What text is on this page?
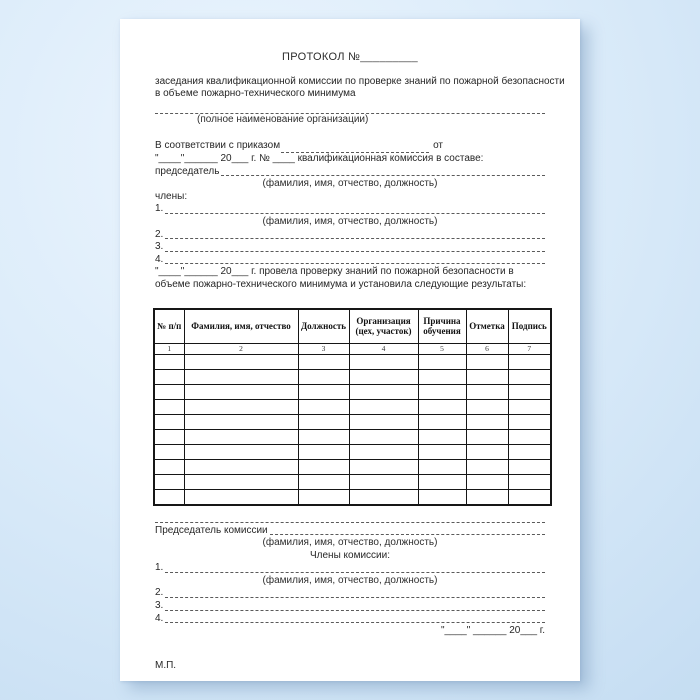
ПРОТОКОЛ №_________
заседания квалификационной комиссии по проверке знаний по пожарной безопасности
в объеме пожарно-технического минимума
(полное наименование организации)
В соответствии с приказом	от
"____"______ 20___ г. № ____ квалификационная комиссия в составе:
председатель
(фамилия, имя, отчество, должность)
члены:
1.
(фамилия, имя, отчество, должность)
2.
3.
4.
"____"______ 20___ г. провела проверку знаний по пожарной безопасности в
объеме пожарно-технического минимума и установила следующие результаты:
№ п/п	Фамилия, имя, отчество	Должность	Организация (цех, участок)	Причина обучения	Отметка	Подпись
1	2	3	4	5	6	7

Председатель комиссии
(фамилия, имя, отчество, должность)
Члены комиссии:
1.
(фамилия, имя, отчество, должность)
2.
3.
4.
"____" ______ 20___ г.
М.П.
